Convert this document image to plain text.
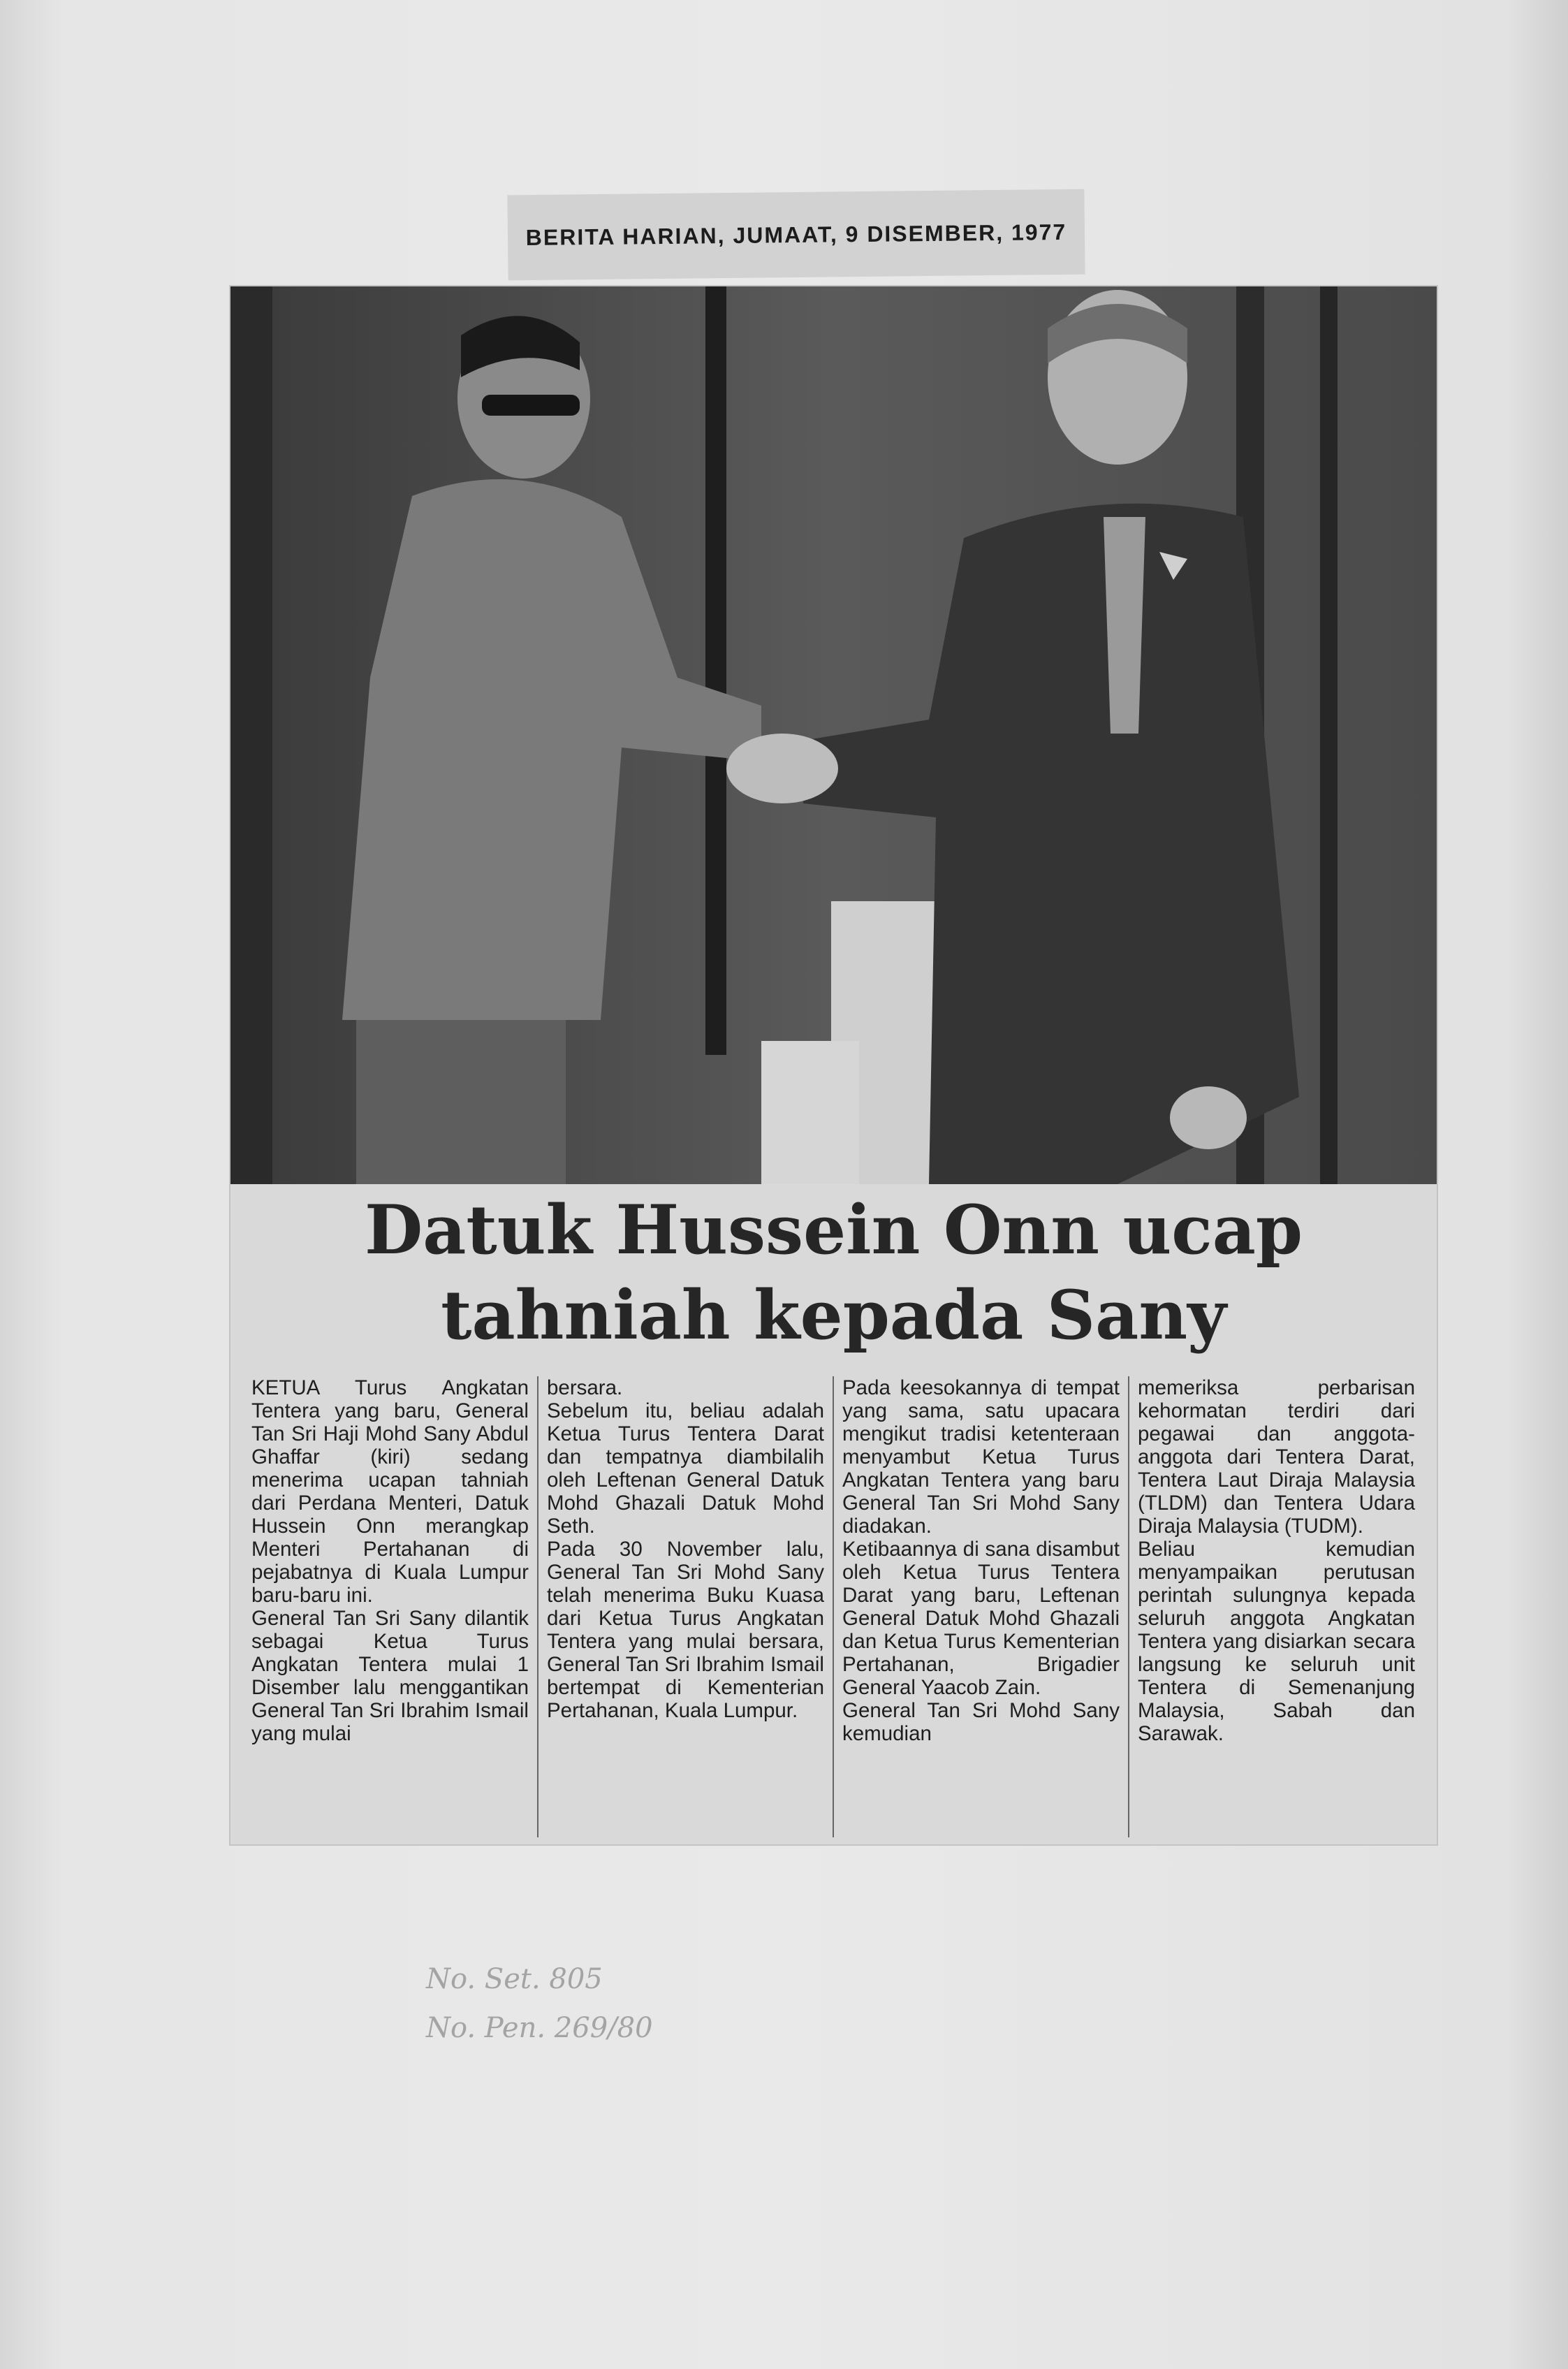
BERITA HARIAN, JUMAAT, 9 DISEMBER, 1977
Datuk Hussein Onn ucap
tahniah kepada Sany
KETUA Turus Angkatan Tentera yang baru, General Tan Sri Haji Mohd Sany Abdul Ghaffar (kiri) sedang menerima ucapan tahniah dari Perdana Menteri, Datuk Hussein Onn merangkap Menteri Pertahanan di pejabatnya di Kuala Lumpur baru-baru ini.
General Tan Sri Sany dilantik sebagai Ketua Turus Angkatan Tentera mulai 1 Disember lalu menggantikan General Tan Sri Ibrahim Ismail yang mulai
bersara.
Sebelum itu, beliau adalah Ketua Turus Tentera Darat dan tempatnya diambilalih oleh Leftenan General Datuk Mohd Ghazali Datuk Mohd Seth.
Pada 30 November lalu, General Tan Sri Mohd Sany telah menerima Buku Kuasa dari Ketua Turus Angkatan Tentera yang mulai bersara, General Tan Sri Ibrahim Ismail bertempat di Kementerian Pertahanan, Kuala Lumpur.
Pada keesokannya di tempat yang sama, satu upacara mengikut tradisi ketenteraan menyambut Ketua Turus Angkatan Tentera yang baru General Tan Sri Mohd Sany diadakan.
Ketibaannya di sana disambut oleh Ketua Turus Tentera Darat yang baru, Leftenan General Datuk Mohd Ghazali dan Ketua Turus Kementerian Pertahanan, Brigadier General Yaacob Zain.
General Tan Sri Mohd Sany kemudian
memeriksa perbarisan kehormatan terdiri dari pegawai dan anggota-anggota dari Tentera Darat, Tentera Laut Diraja Malaysia (TLDM) dan Tentera Udara Diraja Malaysia (TUDM).
Beliau kemudian menyampaikan perutusan perintah sulungnya kepada seluruh anggota Angkatan Tentera yang disiarkan secara langsung ke seluruh unit Tentera di Semenanjung Malaysia, Sabah dan Sarawak.
No. Set. 805
No. Pen. 269/80
